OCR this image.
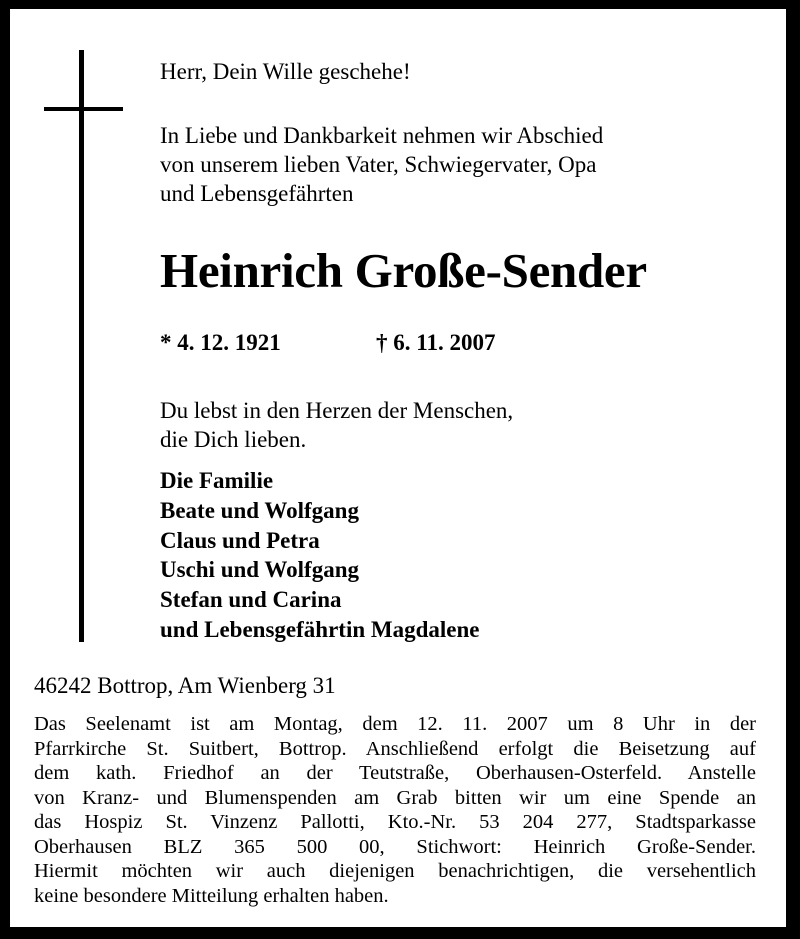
Herr, Dein Wille geschehe!

In Liebe und Dankbarkeit nehmen wir Abschied
von unserem lieben Vater, Schwiegervater, Opa
und Lebensgefährten

Heinrich Große-Sender
* 4. 12. 1921	† 6. 11. 2007

Du lebst in den Herzen der Menschen,
die Dich lieben.

Die Familie
Beate und Wolfgang
Claus und Petra
Uschi und Wolfgang
Stefan und Carina
und Lebensgefährtin Magdalene

46242 Bottrop, Am Wienberg 31

Das Seelenamt ist am Montag, dem 12. 11. 2007 um 8 Uhr in der
Pfarrkirche St. Suitbert, Bottrop. Anschließend erfolgt die Beisetzung auf
dem kath. Friedhof an der Teutstraße, Oberhausen-Osterfeld. Anstelle
von Kranz- und Blumenspenden am Grab bitten wir um eine Spende an
das Hospiz St. Vinzenz Pallotti, Kto.-Nr. 53 204 277, Stadtsparkasse
Oberhausen BLZ 365 500 00, Stichwort: Heinrich Große-Sender.
Hiermit möchten wir auch diejenigen benachrichtigen, die versehentlich
keine besondere Mitteilung erhalten haben.
